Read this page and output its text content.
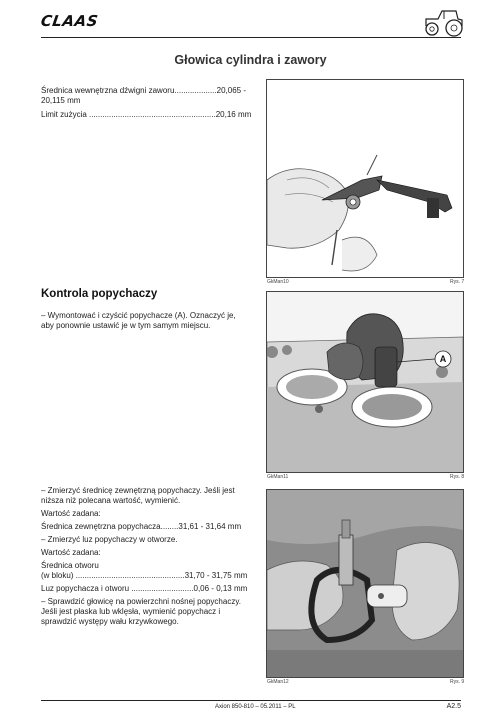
CLAAS
Głowica cylindra i zawory
Średnica wewnętrzna dźwigni zaworu...................20,065 -
20,115 mm
Limit zużycia .........................................................20,16 mm
GkMan10	Rys. 7
Kontrola popychaczy
– Wymontować i czyścić popychacze (A). Oznaczyć je,
aby ponownie ustawić je w tym samym miejscu.
A
GkMan11	Rys. 8
– Zmierzyć średnicę zewnętrzną popychaczy. Jeśli jest
niższa niż polecana wartość, wymienić.
Wartość zadana:
Średnica zewnętrzna popychacza........31,61 - 31,64 mm
– Zmierzyć luz popychaczy w otworze.
Wartość zadana:
Średnica otworu
(w bloku) .................................................31,70 - 31,75 mm
Luz popychacza i otworu ............................0,06 - 0,13 mm
– Sprawdzić głowicę na powierzchni nośnej popychaczy.
Jeśli jest płaska lub wklęsła, wymienić popychacz i
sprawdzić występy wału krzywkowego.
GkMan12	Rys. 9
Axion 850-810 – 05.2011 – PL	A2.5
